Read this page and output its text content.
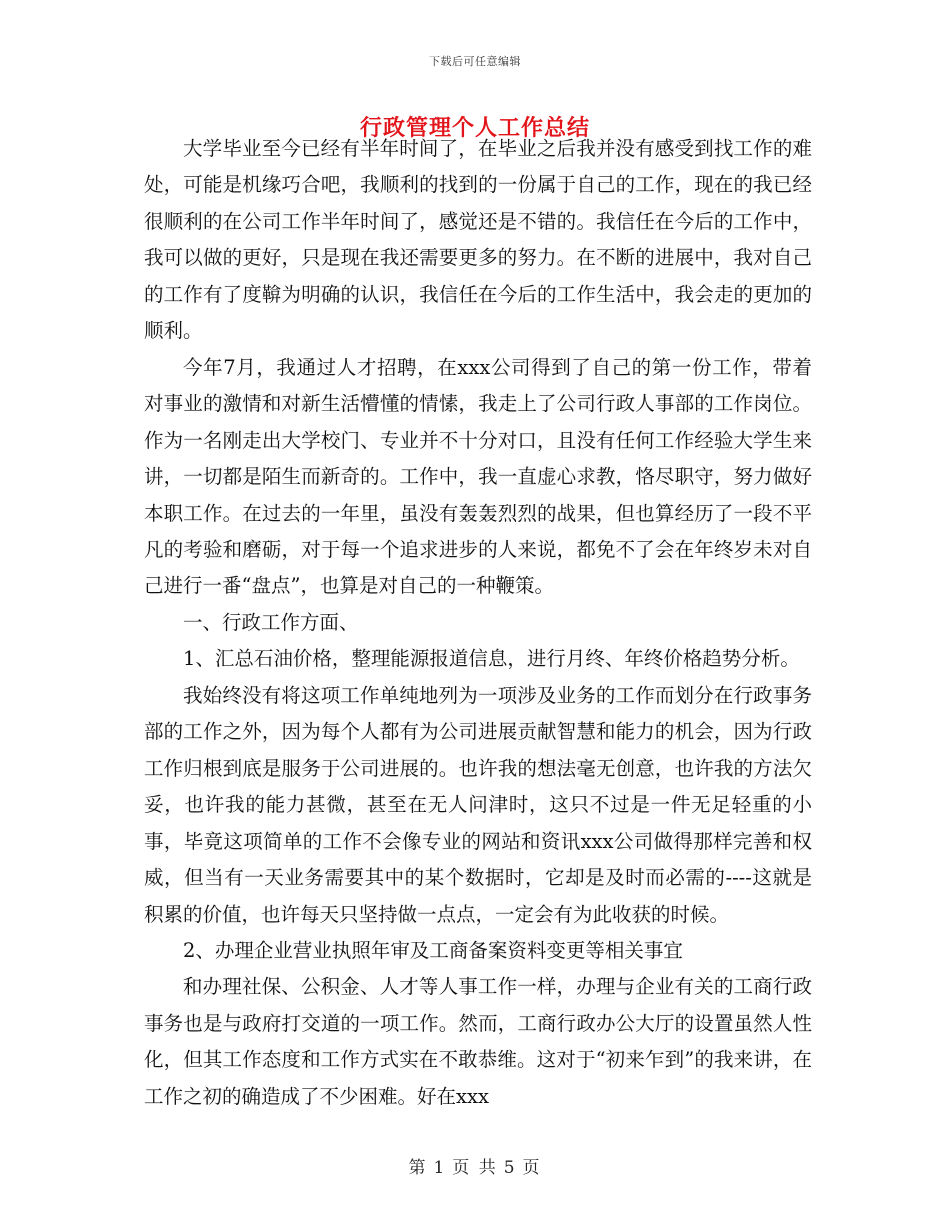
下载后可任意编辑
行政管理个人工作总结

大学毕业至今已经有半年时间了，在毕业之后我并没有感受到找工作的难处，可能是机缘巧合吧，我顺利的找到的一份属于自己的工作，现在的我已经很顺利的在公司工作半年时间了，感觉还是不错的。我信任在今后的工作中，我可以做的更好，只是现在我还需要更多的努力。在不断的进展中，我对自己的工作有了度鞥为明确的认识，我信任在今后的工作生活中，我会走的更加的顺利。

今年7月，我通过人才招聘，在xxx公司得到了自己的第一份工作，带着对事业的激情和对新生活懵懂的情愫，我走上了公司行政人事部的工作岗位。作为一名刚走出大学校门、专业并不十分对口，且没有任何工作经验大学生来讲，一切都是陌生而新奇的。工作中，我一直虚心求教，恪尽职守，努力做好本职工作。在过去的一年里，虽没有轰轰烈烈的战果，但也算经历了一段不平凡的考验和磨砺，对于每一个追求进步的人来说，都免不了会在年终岁未对自己进行一番“盘点”，也算是对自己的一种鞭策。

一、行政工作方面、

1、汇总石油价格，整理能源报道信息，进行月终、年终价格趋势分析。

我始终没有将这项工作单纯地列为一项涉及业务的工作而划分在行政事务部的工作之外，因为每个人都有为公司进展贡献智慧和能力的机会，因为行政工作归根到底是服务于公司进展的。也许我的想法毫无创意，也许我的方法欠妥，也许我的能力甚微，甚至在无人问津时，这只不过是一件无足轻重的小事，毕竟这项简单的工作不会像专业的网站和资讯xxx公司做得那样完善和权威，但当有一天业务需要其中的某个数据时，它却是及时而必需的----这就是积累的价值，也许每天只坚持做一点点，一定会有为此收获的时候。

2、办理企业营业执照年审及工商备案资料变更等相关事宜

和办理社保、公积金、人才等人事工作一样，办理与企业有关的工商行政事务也是与政府打交道的一项工作。然而，工商行政办公大厅的设置虽然人性化，但其工作态度和工作方式实在不敢恭维。这对于“初来乍到”的我来讲，在工作之初的确造成了不少困难。好在xxx

第 1 页 共 5 页
